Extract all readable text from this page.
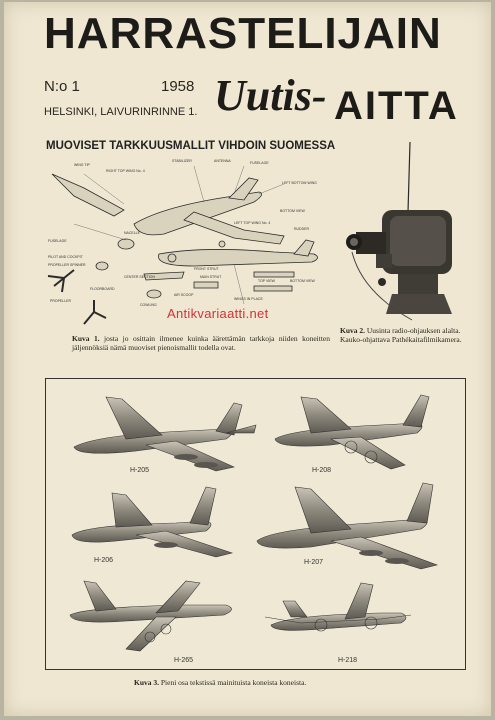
HARRASTELIJAIN
N:o 1	1958
HELSINKI, LAIVURINRINNE 1. Uutis- AITTA
MUOVISET TARKKUUSMALLIT VIHDOIN SUOMESSA
WING TIP
RIGHT TOP WING No. 4
STABILIZER	FUSELAGE
LEFT BOTTOM WING
ANTENNA
BOTTOM VIEW
RUDDER
PROPELLER
FLOORBOARD
COWLING
NACELLE
FUSELAGE
PILOT AND COCKPIT
PROPELLER SPINNER
CENTER SECTION
AIR SCOOP
MAIN STRUT
FRONT STRUT
LEFT TOP WING No. 4
TOP VIEW	BOTTOM VIEW
WINGS IN PLACE
Antikvariaatti.net
Kuva 1. josta jo osittain ilmenee kuinka äärettämän tarkkoja niiden koneitten jäljennöksiä nämä muoviset pienoismallit todella ovat.
Kuva 2. Uusinta radio-ohjauksen alalta. Kauko-ohjattava Pathékaitafilmikamera.
H-205	H-208
H-206	H-207
H-265	H-218
Kuva 3. Pieni osa tekstissä mainituista koneista koneista.
